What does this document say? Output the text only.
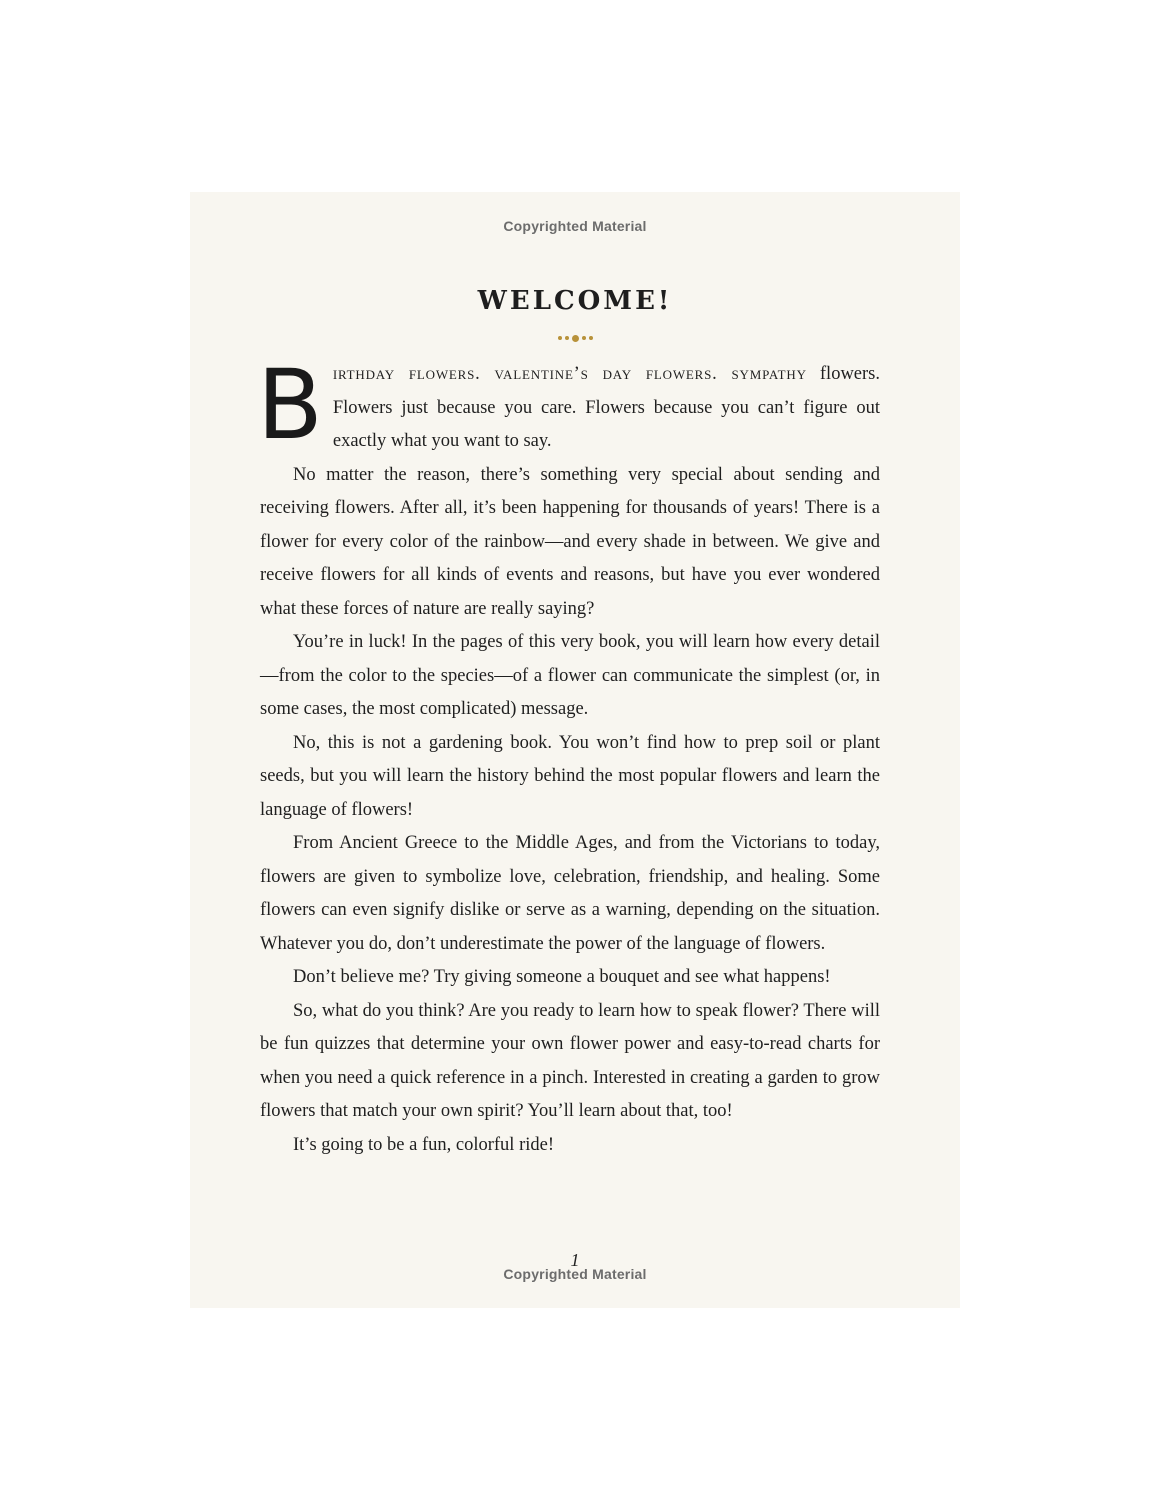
Copyrighted Material
WELCOME!

Birthday flowers. valentine’s day flowers. sympathy flowers. Flowers just because you care. Flowers because you can’t figure out exactly what you want to say.

No matter the reason, there’s something very special about sending and receiving flowers. After all, it’s been happening for thousands of years! There is a flower for every color of the rainbow—and every shade in between. We give and receive flowers for all kinds of events and reasons, but have you ever wondered what these forces of nature are really saying?

You’re in luck! In the pages of this very book, you will learn how every detail—from the color to the species—of a flower can communicate the simplest (or, in some cases, the most complicated) message.

No, this is not a gardening book. You won’t find how to prep soil or plant seeds, but you will learn the history behind the most popular flowers and learn the language of flowers!

From Ancient Greece to the Middle Ages, and from the Victorians to today, flowers are given to symbolize love, celebration, friendship, and healing. Some flowers can even signify dislike or serve as a warning, depending on the situation. Whatever you do, don’t underestimate the power of the language of flowers.

Don’t believe me? Try giving someone a bouquet and see what happens!

So, what do you think? Are you ready to learn how to speak flower? There will be fun quizzes that determine your own flower power and easy-to-read charts for when you need a quick reference in a pinch. Interested in creating a garden to grow flowers that match your own spirit? You’ll learn about that, too!

It’s going to be a fun, colorful ride!

1
Copyrighted Material
